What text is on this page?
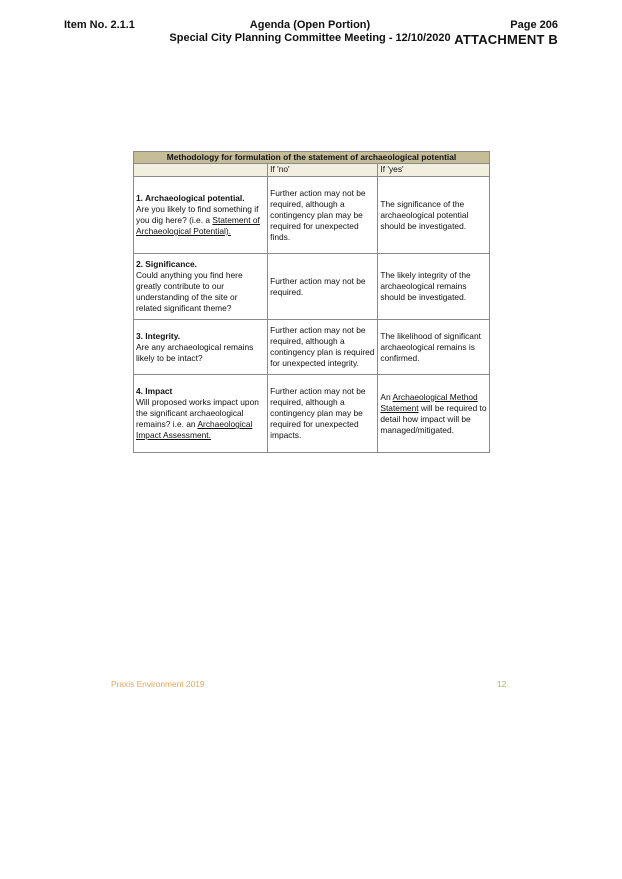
Item No. 2.1.1	Agenda (Open Portion)
Special City Planning Committee Meeting - 12/10/2020
Page 206
ATTACHMENT B
Methodology for formulation of the statement of archaeological potential		
	If 'no'	If 'yes'
1. Archaeological potential.
Are you likely to find something if you dig here? (i.e. a Statement of Archaeological Potential).	Further action may not be required, although a contingency plan may be required for unexpected finds.	The significance of the archaeological potential should be investigated.
2. Significance.
Could anything you find here greatly contribute to our understanding of the site or related significant theme?	Further action may not be required.	The likely integrity of the archaeological remains should be investigated.
3. Integrity.
Are any archaeological remains likely to be intact?	Further action may not be required, although a contingency plan is required for unexpected integrity.	The likelihood of significant archaeological remains is confirmed.
4. Impact
Will proposed works impact upon the significant archaeological remains? i.e. an Archaeological Impact Assessment.	Further action may not be required, although a contingency plan may be required for unexpected impacts.	An Archaeological Method Statement will be required to detail how impact will be managed/mitigated.
Praxis Environment 2019	12
